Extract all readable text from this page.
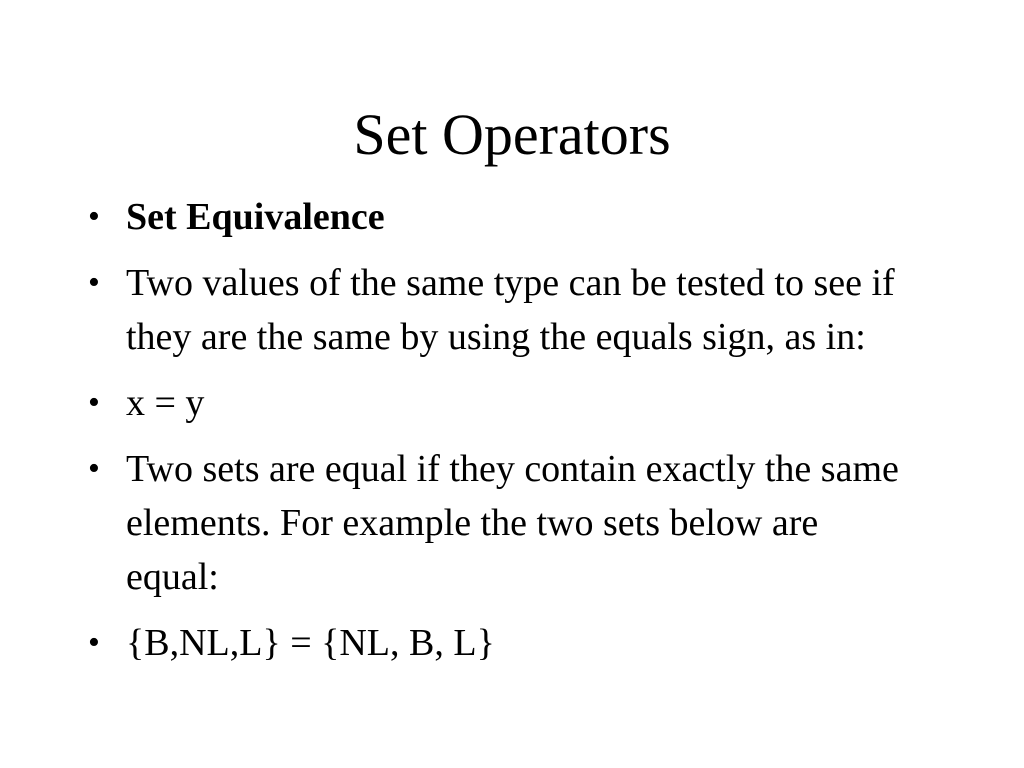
Set Operators
• Set Equivalence
• Two values of the same type can be tested to see if they are the same by using the equals sign, as in:
• x = y
• Two sets are equal if they contain exactly the same elements. For example the two sets below are equal:
• {B,NL,L} = {NL, B, L}
